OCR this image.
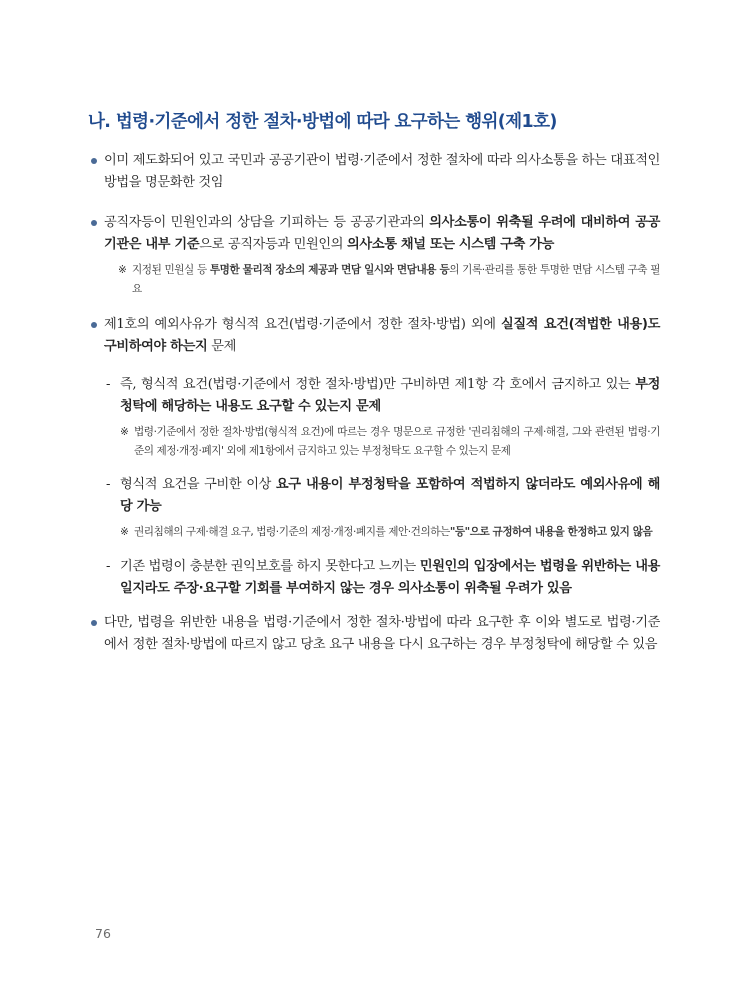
나. 법령·기준에서 정한 절차·방법에 따라 요구하는 행위(제1호)
이미 제도화되어 있고 국민과 공공기관이 법령·기준에서 정한 절차에 따라 의사소통을 하는 대표적인 방법을 명문화한 것임
공직자등이 민원인과의 상담을 기피하는 등 공공기관과의 의사소통이 위축될 우려에 대비하여 공공기관은 내부 기준으로 공직자등과 민원인의 의사소통 채널 또는 시스템 구축 가능
※ 지정된 민원실 등 투명한 물리적 장소의 제공과 면담 일시와 면담내용 등의 기록·관리를 통한 투명한 면담 시스템 구축 필요
제1호의 예외사유가 형식적 요건(법령·기준에서 정한 절차·방법) 외에 실질적 요건(적법한 내용)도 구비하여야 하는지 문제
- 즉, 형식적 요건(법령·기준에서 정한 절차·방법)만 구비하면 제1항 각 호에서 금지하고 있는 부정청탁에 해당하는 내용도 요구할 수 있는지 문제
※ 법령·기준에서 정한 절차·방법(형식적 요건)에 따르는 경우 명문으로 규정한 '권리침해의 구제·해결, 그와 관련된 법령·기준의 제정·개정·폐지' 외에 제1항에서 금지하고 있는 부정청탁도 요구할 수 있는지 문제
- 형식적 요건을 구비한 이상 요구 내용이 부정청탁을 포함하여 적법하지 않더라도 예외사유에 해당 가능
※ 권리침해의 구제·해결 요구, 법령·기준의 제정·개정·폐지를 제안·건의하는"등"으로 규정하여 내용을 한정하고 있지 않음
- 기존 법령이 충분한 권익보호를 하지 못한다고 느끼는 민원인의 입장에서는 법령을 위반하는 내용일지라도 주장·요구할 기회를 부여하지 않는 경우 의사소통이 위축될 우려가 있음
다만, 법령을 위반한 내용을 법령·기준에서 정한 절차·방법에 따라 요구한 후 이와 별도로 법령·기준에서 정한 절차·방법에 따르지 않고 당초 요구 내용을 다시 요구하는 경우 부정청탁에 해당할 수 있음
76
